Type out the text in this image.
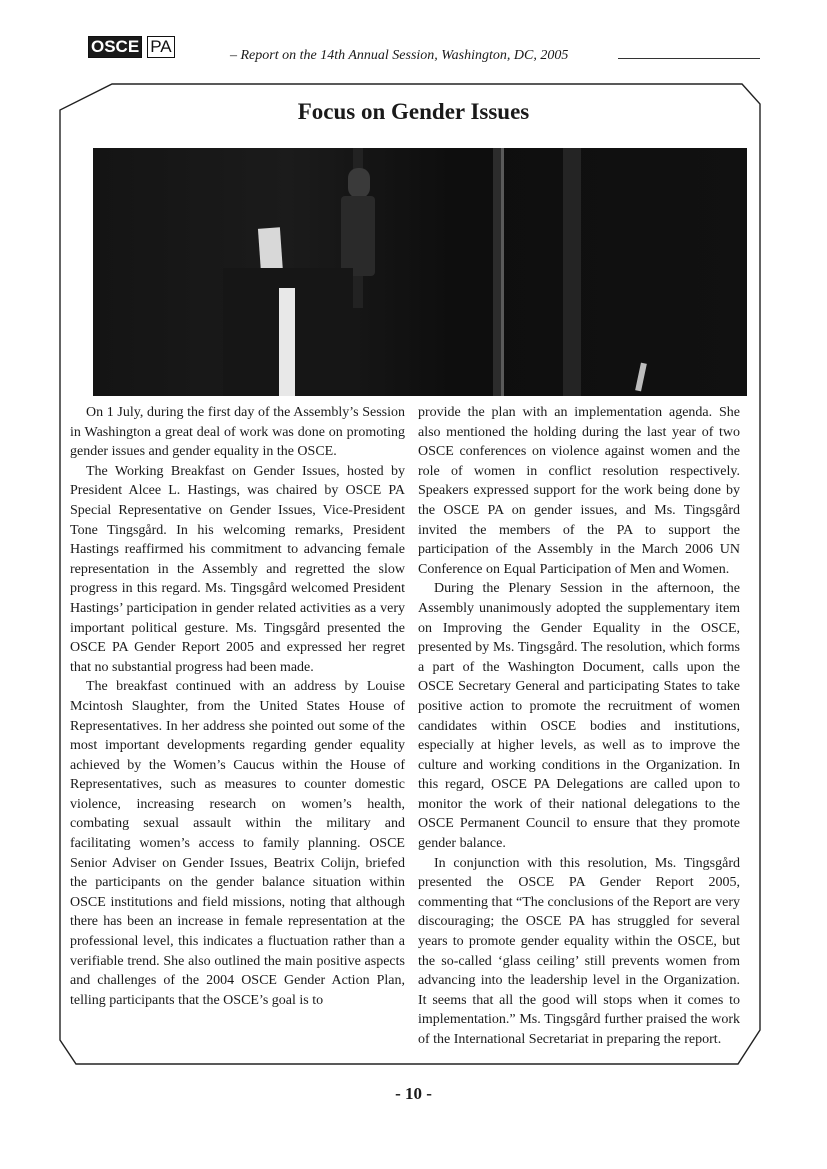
OSCE PA	– Report on the 14th Annual Session, Washington, DC, 2005
Focus on Gender Issues

On 1 July, during the first day of the Assembly’s Session in Washington a great deal of work was done on promoting gender issues and gender equality in the OSCE.

The Working Breakfast on Gender Issues, hosted by President Alcee L. Hastings, was chaired by OSCE PA Special Representative on Gender Issues, Vice-President Tone Tingsgård. In his welcoming remarks, President Hastings reaffirmed his commitment to advancing female representation in the Assembly and regretted the slow progress in this regard. Ms. Tingsgård welcomed President Hastings’ participation in gender related activities as a very important political gesture. Ms. Tingsgård presented the OSCE PA Gender Report 2005 and expressed her regret that no substantial progress had been made.

The breakfast continued with an address by Louise Mcintosh Slaughter, from the United States House of Representatives. In her address she pointed out some of the most important developments regarding gender equality achieved by the Women’s Caucus within the House of Representatives, such as measures to counter domestic violence, increasing research on women’s health, combating sexual assault within the military and facilitating women’s access to family planning. OSCE Senior Adviser on Gender Issues, Beatrix Colijn, briefed the participants on the gender balance situation within OSCE institutions and field missions, noting that although there has been an increase in female representation at the professional level, this indicates a fluctuation rather than a verifiable trend. She also outlined the main positive aspects and challenges of the 2004 OSCE Gender Action Plan, telling participants that the OSCE’s goal is to

provide the plan with an implementation agenda. She also mentioned the holding during the last year of two OSCE conferences on violence against women and the role of women in conflict resolution respectively. Speakers expressed support for the work being done by the OSCE PA on gender issues, and Ms. Tingsgård invited the members of the PA to support the participation of the Assembly in the March 2006 UN Conference on Equal Participation of Men and Women.

During the Plenary Session in the afternoon, the Assembly unanimously adopted the supplementary item on Improving the Gender Equality in the OSCE, presented by Ms. Tingsgård. The resolution, which forms a part of the Washington Document, calls upon the OSCE Secretary General and participating States to take positive action to promote the recruitment of women candidates within OSCE bodies and institutions, especially at higher levels, as well as to improve the culture and working conditions in the Organization. In this regard, OSCE PA Delegations are called upon to monitor the work of their national delegations to the OSCE Permanent Council to ensure that they promote gender balance.

In conjunction with this resolution, Ms. Tingsgård presented the OSCE PA Gender Report 2005, commenting that “The conclusions of the Report are very discouraging; the OSCE PA has struggled for several years to promote gender equality within the OSCE, but the so-called ‘glass ceiling’ still prevents women from advancing into the leadership level in the Organization. It seems that all the good will stops when it comes to implementation.” Ms. Tingsgård further praised the work of the International Secretariat in preparing the report.

- 10 -
